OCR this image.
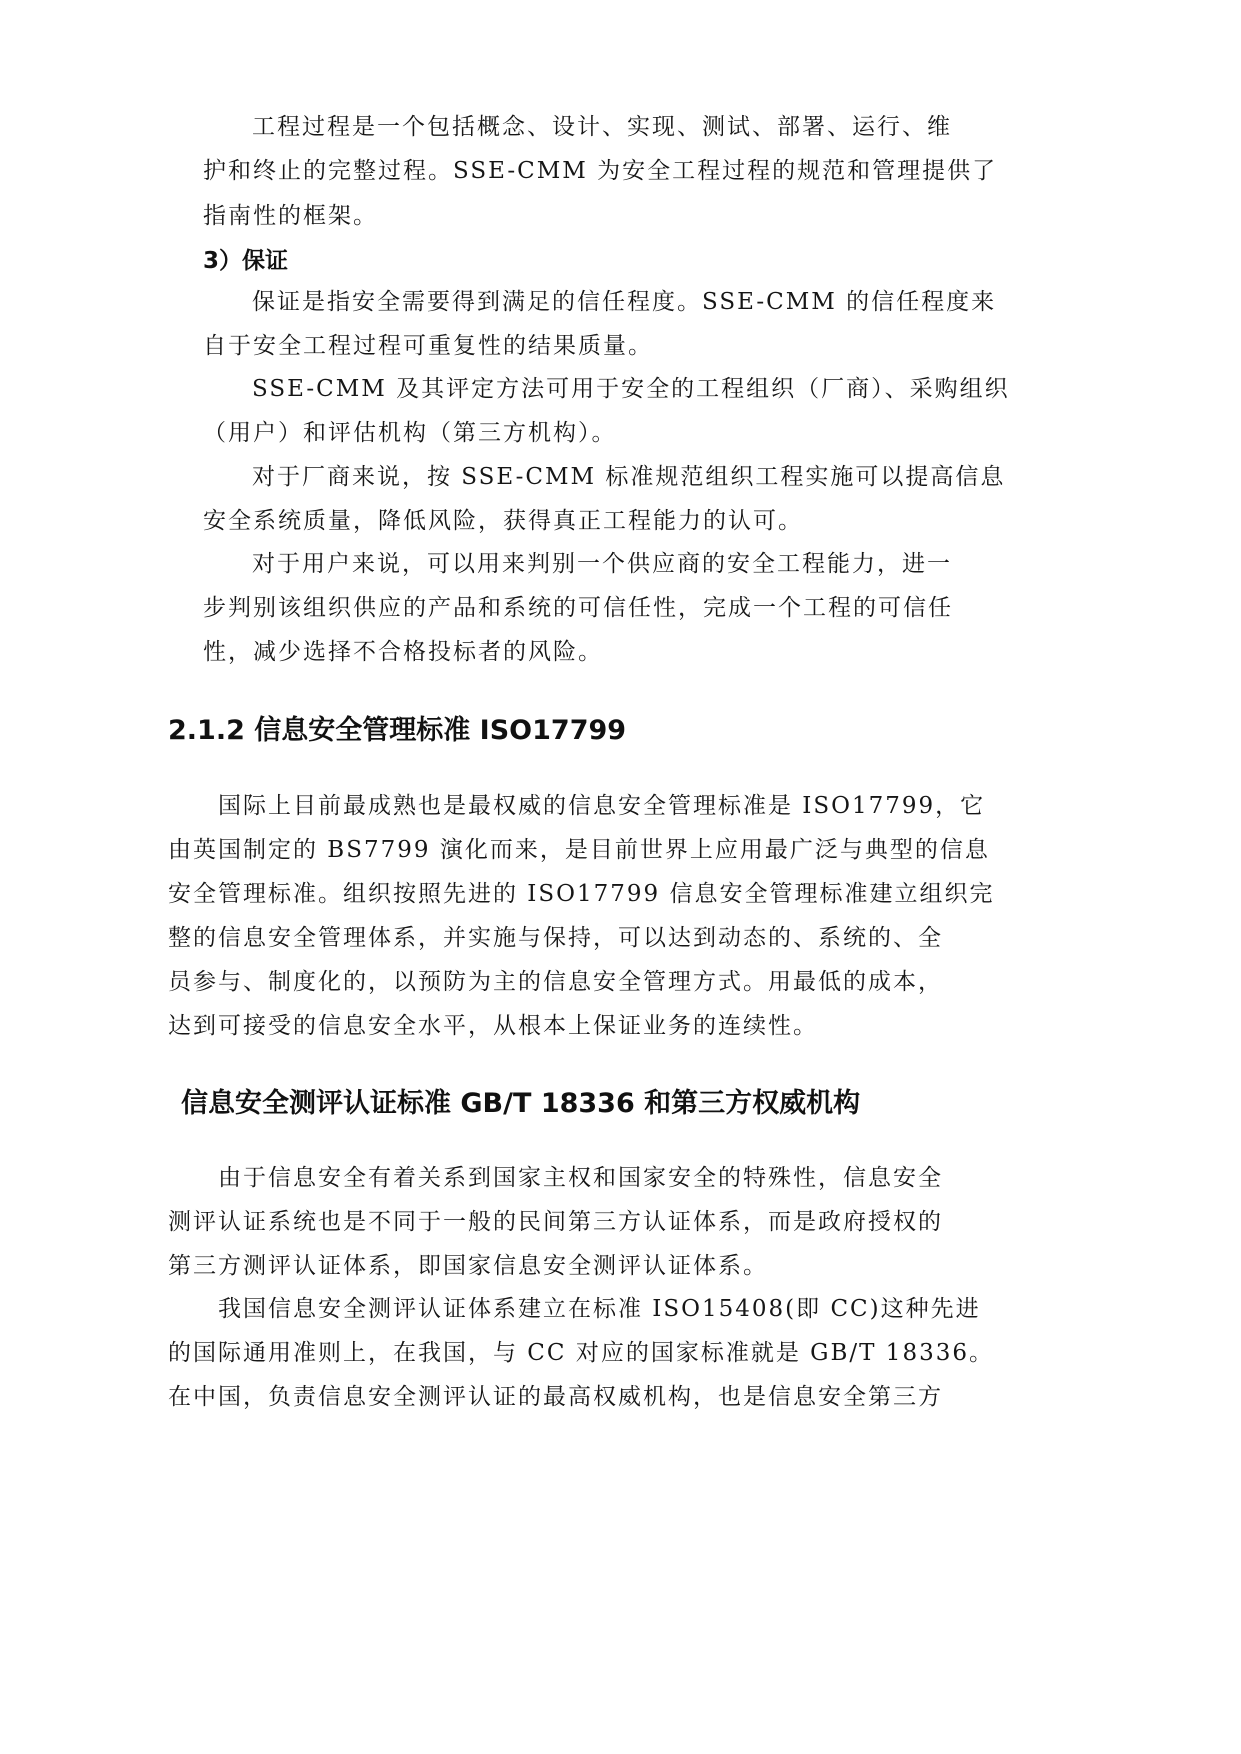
工程过程是一个包括概念、设计、实现、测试、部署、运行、维
护和终止的完整过程。SSE-CMM 为安全工程过程的规范和管理提供了
指南性的框架。
3）保证
保证是指安全需要得到满足的信任程度。SSE-CMM 的信任程度来
自于安全工程过程可重复性的结果质量。
SSE-CMM 及其评定方法可用于安全的工程组织（厂商）、采购组织
（用户）和评估机构（第三方机构）。
对于厂商来说，按 SSE-CMM 标准规范组织工程实施可以提高信息
安全系统质量，降低风险，获得真正工程能力的认可。
对于用户来说，可以用来判别一个供应商的安全工程能力，进一
步判别该组织供应的产品和系统的可信任性，完成一个工程的可信任
性，减少选择不合格投标者的风险。
2.1.2 信息安全管理标准 ISO17799
国际上目前最成熟也是最权威的信息安全管理标准是 ISO17799，它
由英国制定的 BS7799 演化而来，是目前世界上应用最广泛与典型的信息
安全管理标准。组织按照先进的 ISO17799 信息安全管理标准建立组织完
整的信息安全管理体系，并实施与保持，可以达到动态的、系统的、全
员参与、制度化的，以预防为主的信息安全管理方式。用最低的成本，
达到可接受的信息安全水平，从根本上保证业务的连续性。
信息安全测评认证标准 GB/T 18336 和第三方权威机构
由于信息安全有着关系到国家主权和国家安全的特殊性，信息安全
测评认证系统也是不同于一般的民间第三方认证体系，而是政府授权的
第三方测评认证体系，即国家信息安全测评认证体系。
我国信息安全测评认证体系建立在标准 ISO15408(即 CC)这种先进
的国际通用准则上，在我国，与 CC 对应的国家标准就是 GB/T 18336。
在中国，负责信息安全测评认证的最高权威机构，也是信息安全第三方
